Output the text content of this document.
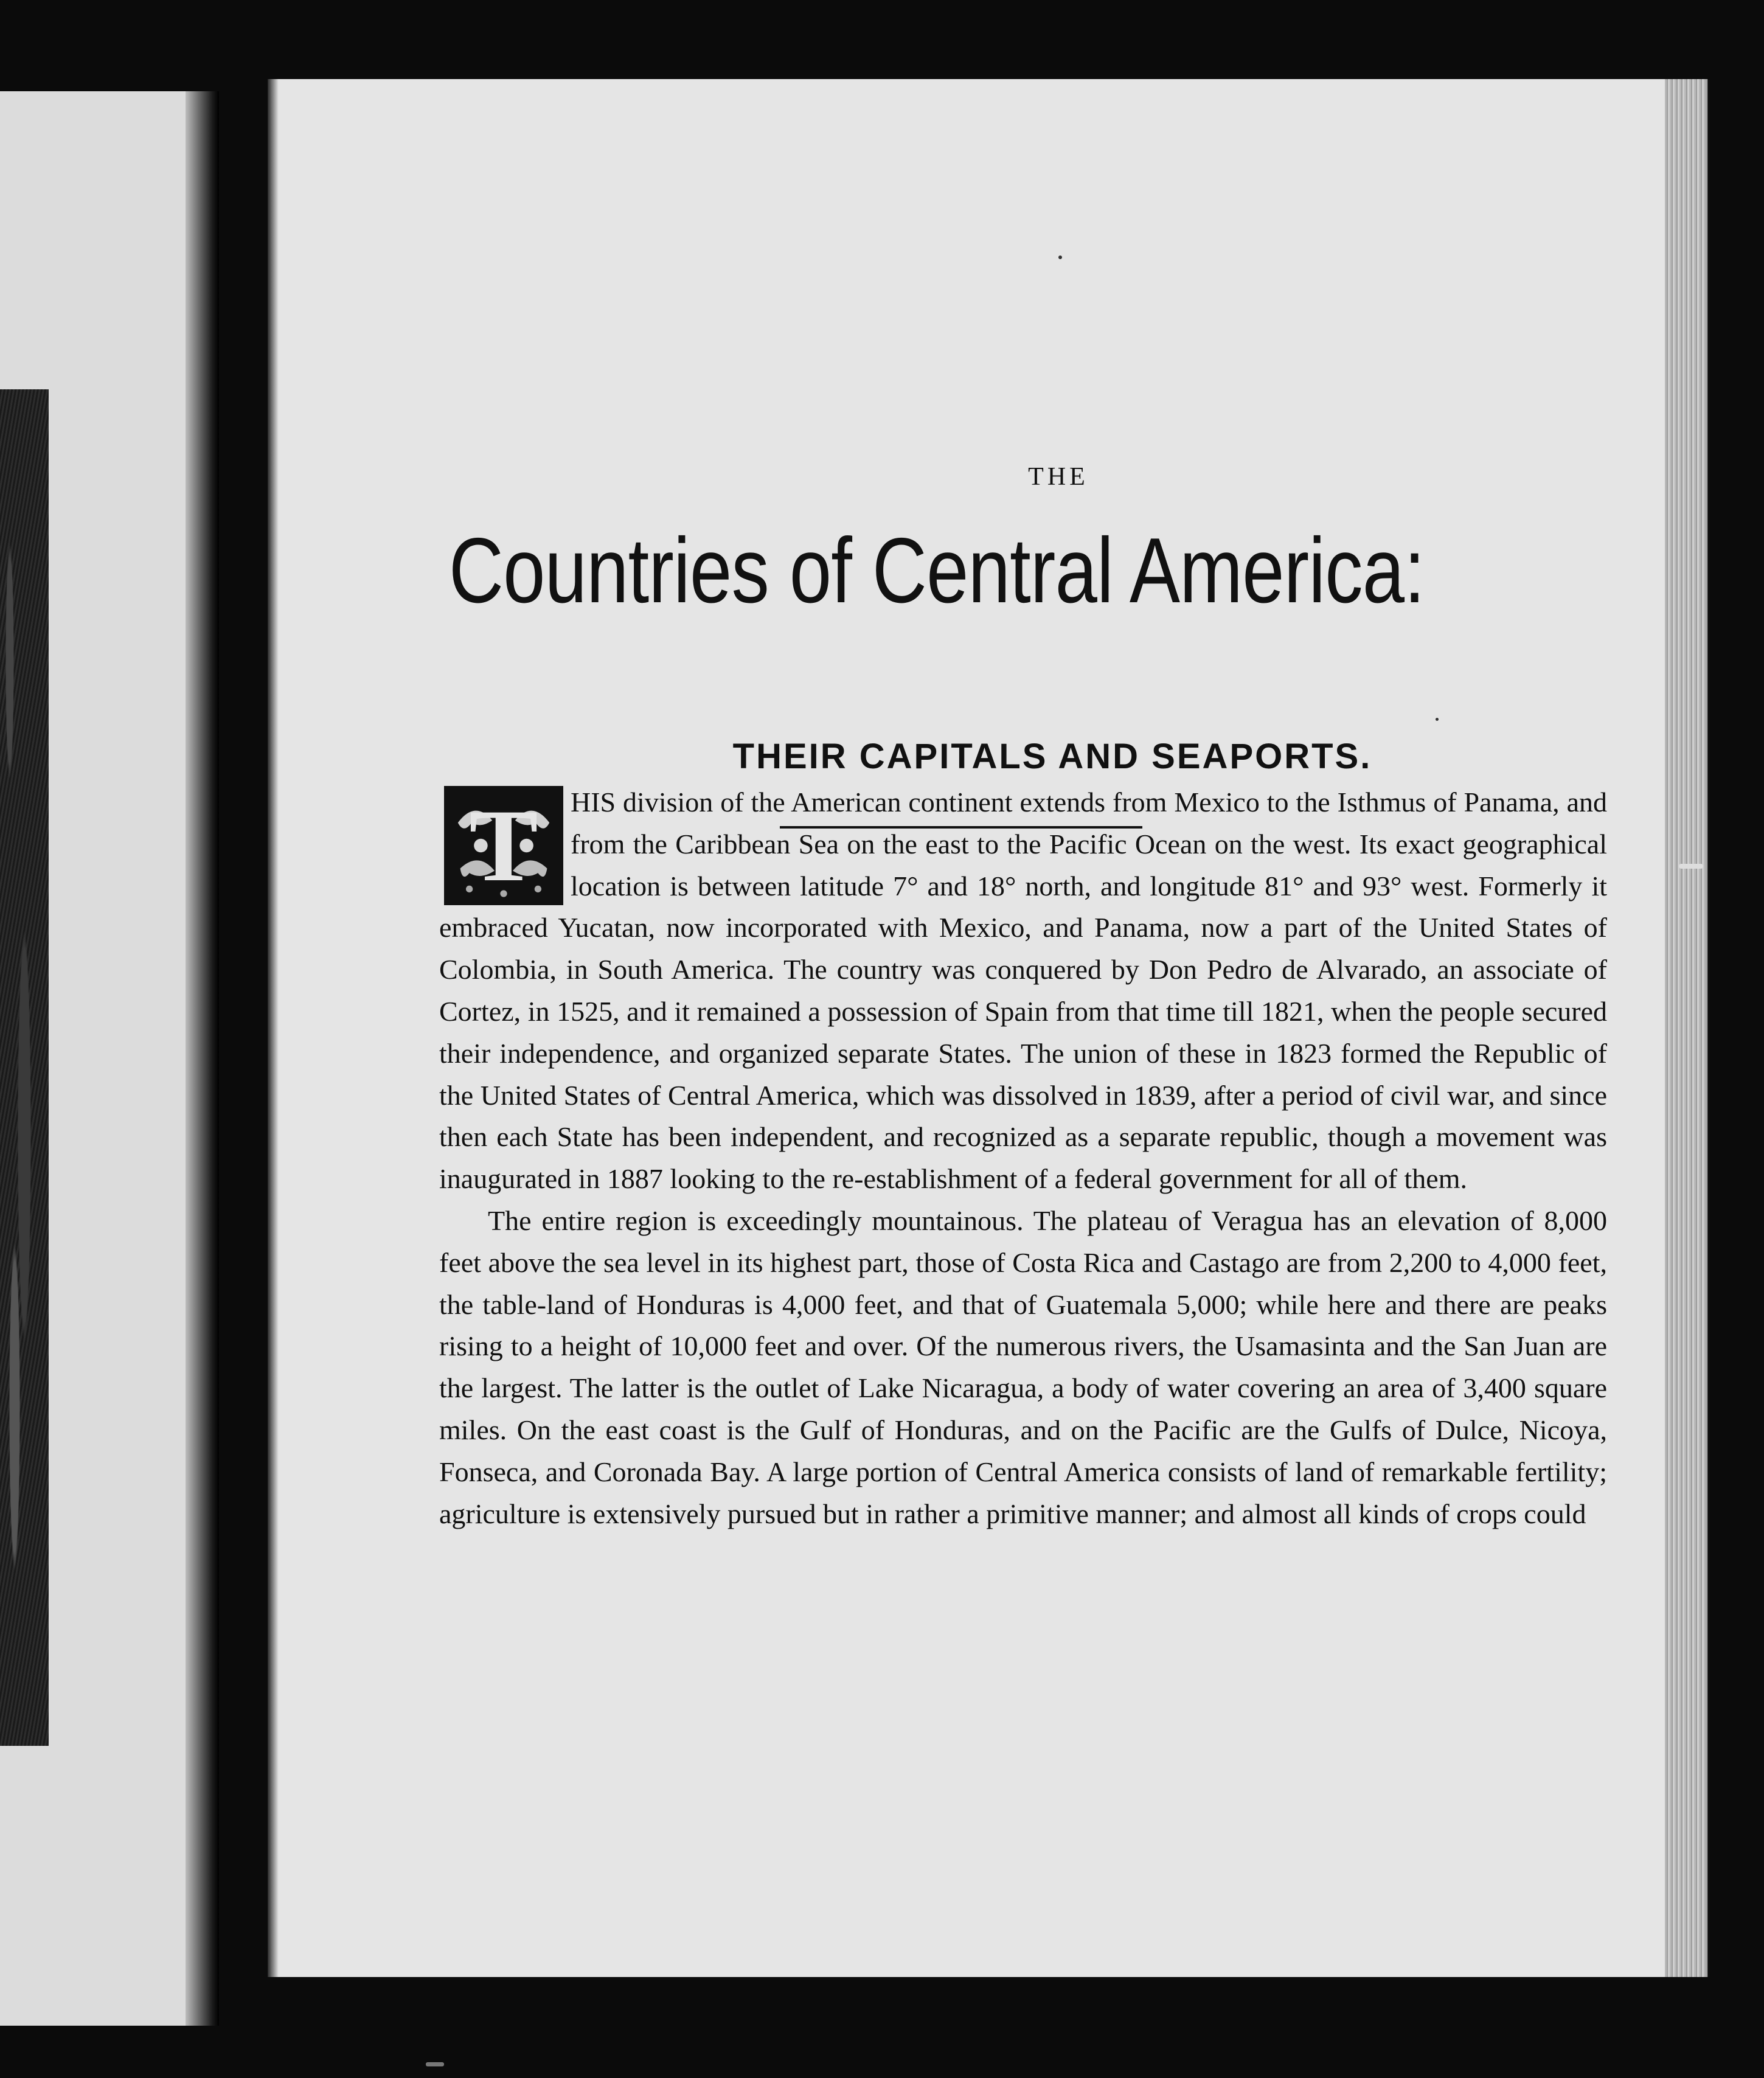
THE
Countries of Central America:
THEIR CAPITALS AND SEAPORTS.

HIS division of the American continent extends from Mexico to the Isthmus of Panama, and from the Caribbean Sea on the east to the Pacific Ocean on the west. Its exact geographical location is between latitude 7° and 18° north, and longitude 81° and 93° west. Formerly it embraced Yucatan, now incorporated with Mexico, and Panama, now a part of the United States of Colombia, in South America. The country was conquered by Don Pedro de Alvarado, an associate of Cortez, in 1525, and it remained a possession of Spain from that time till 1821, when the people secured their independence, and organized separate States. The union of these in 1823 formed the Republic of the United States of Central America, which was dissolved in 1839, after a period of civil war, and since then each State has been independent, and recognized as a separate republic, though a movement was inaugurated in 1887 looking to the re-establishment of a federal government for all of them.

The entire region is exceedingly mountainous. The plateau of Veragua has an elevation of 8,000 feet above the sea level in its highest part, those of Costa Rica and Castago are from 2,200 to 4,000 feet, the table-land of Honduras is 4,000 feet, and that of Guatemala 5,000; while here and there are peaks rising to a height of 10,000 feet and over. Of the numerous rivers, the Usamasinta and the San Juan are the largest. The latter is the outlet of Lake Nicaragua, a body of water covering an area of 3,400 square miles. On the east coast is the Gulf of Honduras, and on the Pacific are the Gulfs of Dulce, Nicoya, Fonseca, and Coronada Bay. A large portion of Central America consists of land of remarkable fertility; agriculture is extensively pursued but in rather a primitive manner; and almost all kinds of crops could

T
